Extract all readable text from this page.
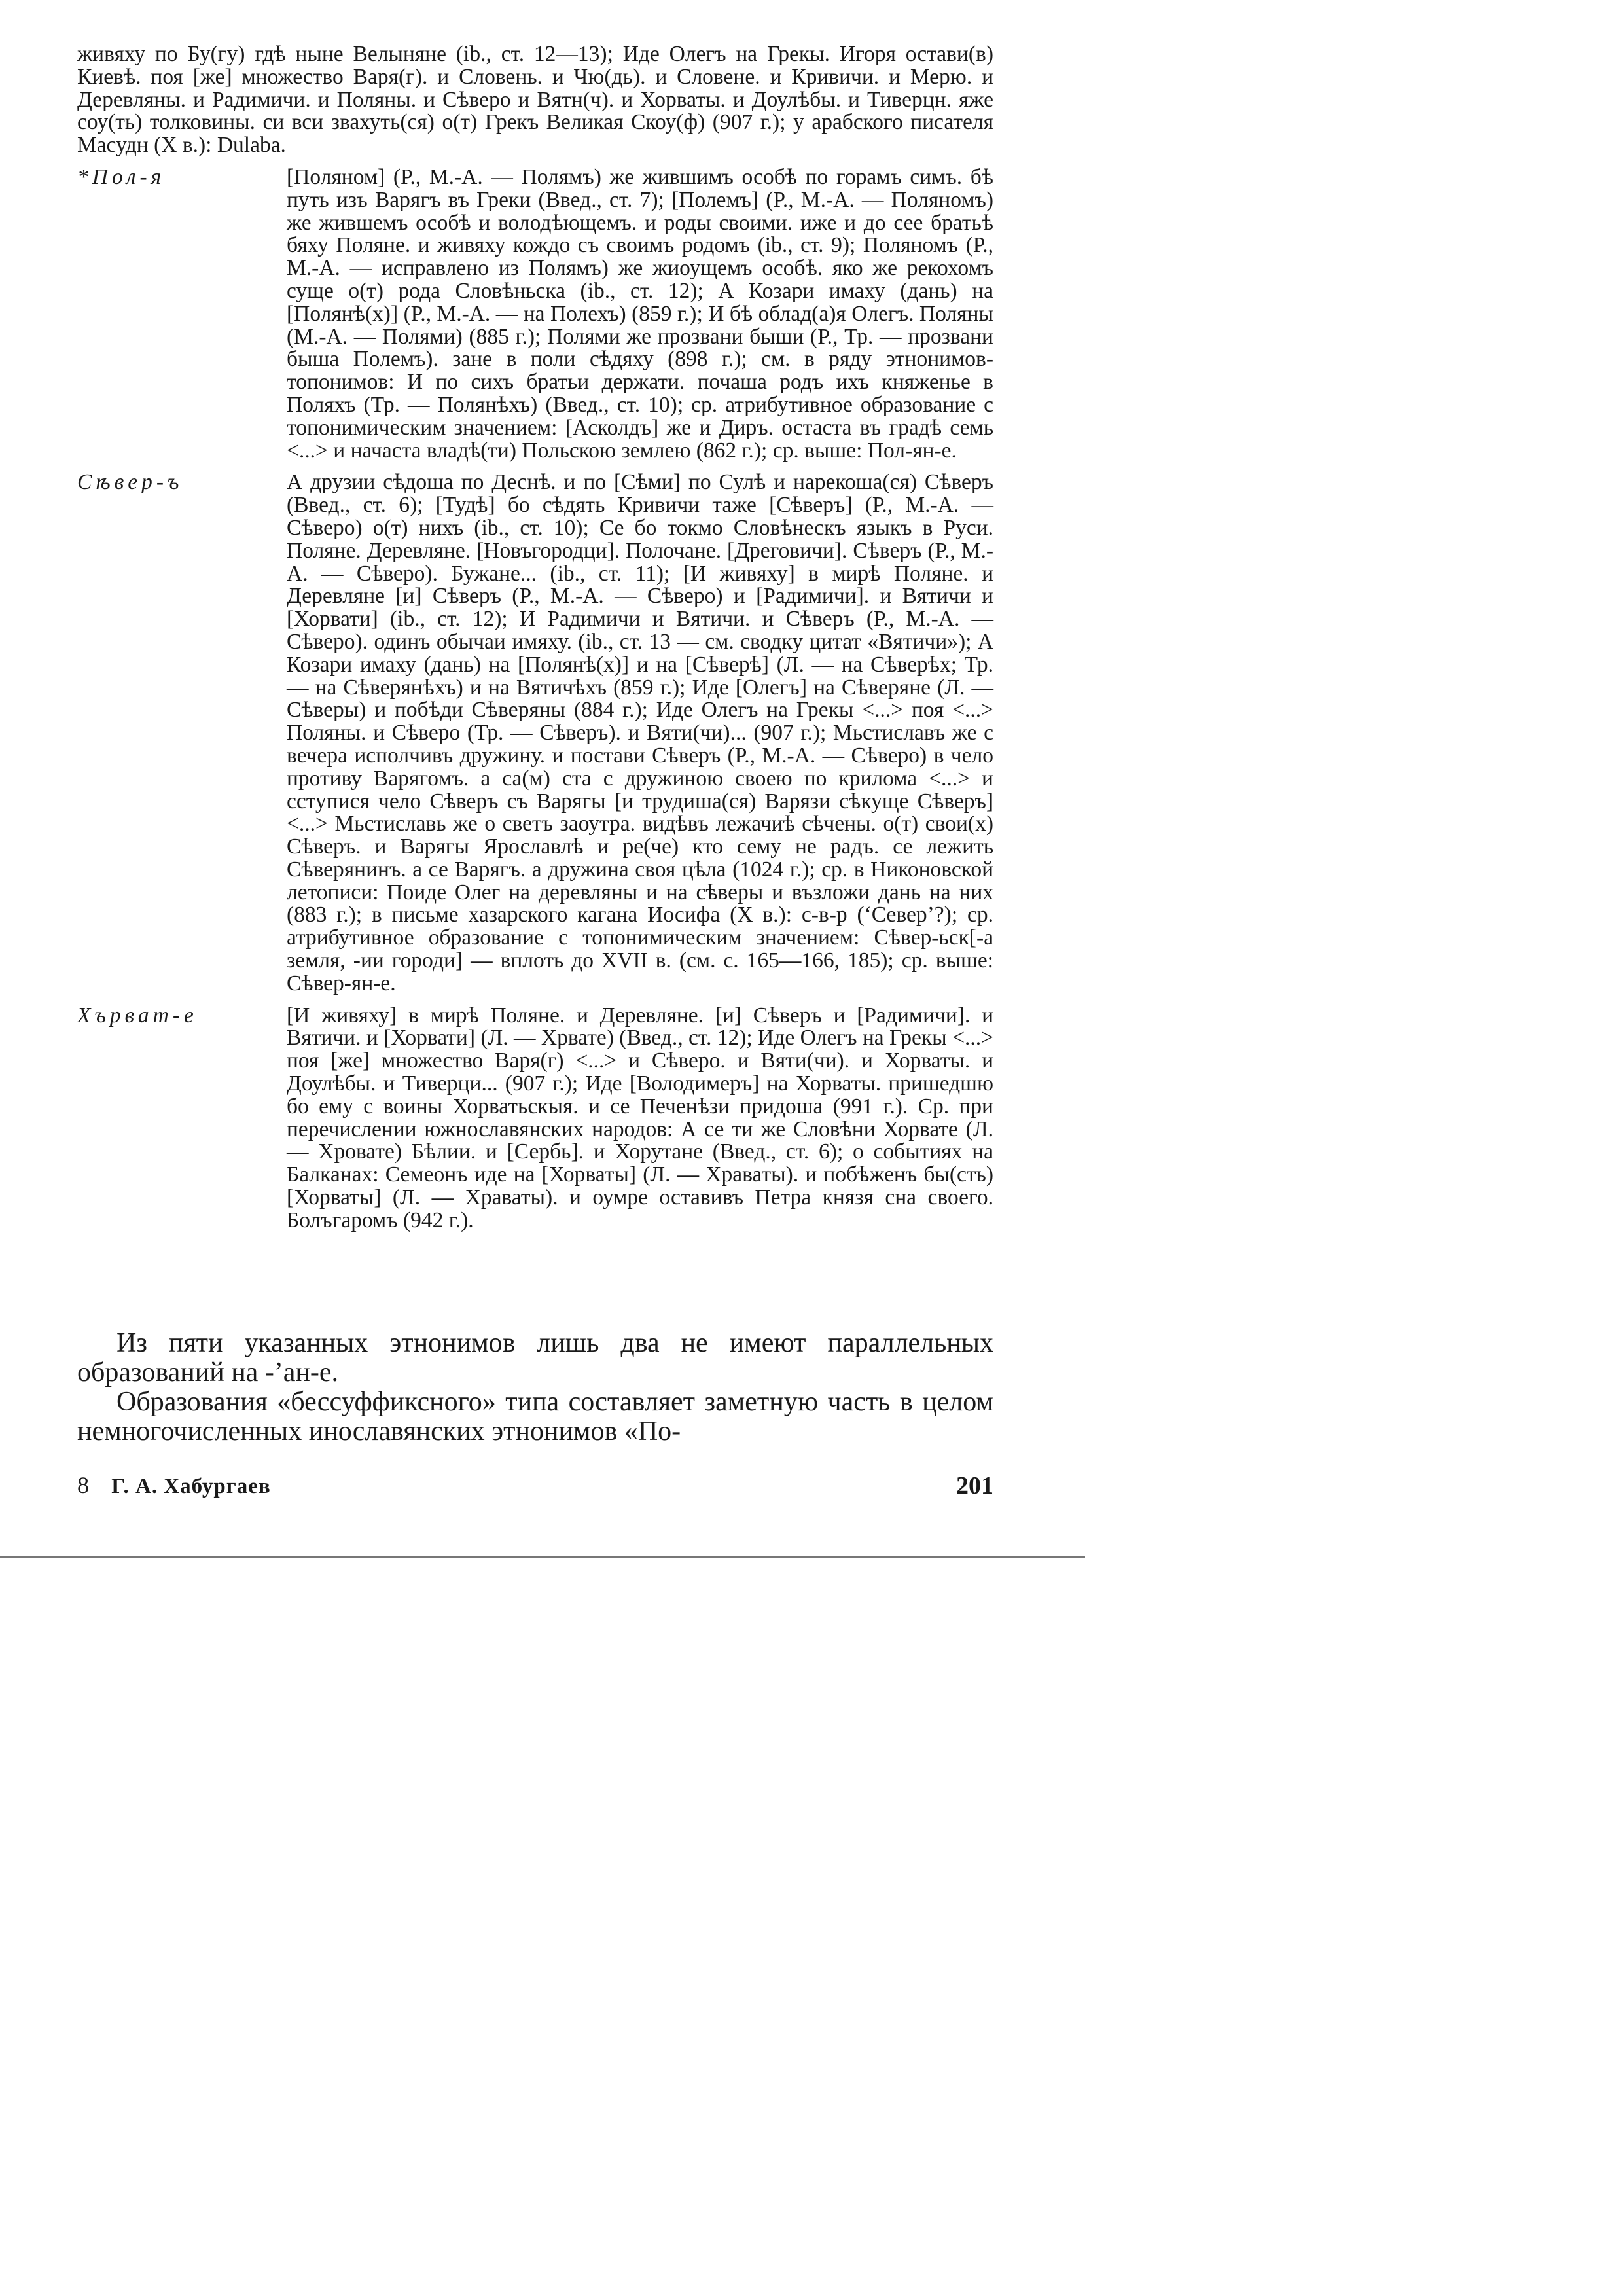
живяху по Бу(гу) гдѣ ныне Велыняне (ib., ст. 12—13); Иде Олегъ на Грекы. Игоря остави(в) Киевѣ. поя [же] множество Варя(г). и Словень. и Чю(дь). и Словене. и Кривичи. и Мерю. и Деревляны. и Радимичи. и Поляны. и Сѣверо и Вятн(ч). и Хорваты. и Доулѣбы. и Тиверцн. яже соу(ть) толковины. си вси звахуть(ся) о(т) Грекъ Великая Скоу(ф) (907 г.); у арабского писателя Масудн (X в.): Dulaba.

*Пол-я	[Поляном] (Р., М.-А. — Полямъ) же жившимъ особѣ по горамъ симъ. бѣ путь изъ Варягъ въ Греки (Введ., ст. 7); [Полемъ] (Р., М.-А. — Поляномъ) же жившемъ особѣ и володѣющемъ. и роды своими. иже и до сее братьѣ бяху Поляне. и живяху кождо съ своимъ родомъ (ib., ст. 9); Поляномъ (Р., М.-А. — исправлено из Полямъ) же жиоущемъ особѣ. яко же рекохомъ суще о(т) рода Словѣньска (ib., ст. 12); А Козари имаху (дань) на [Полянѣ(х)] (Р., М.-А. — на Полехъ) (859 г.); И бѣ облад(а)я Олегъ. Поляны (М.-А. — Полями) (885 г.); Полями же прозвани быши (Р., Тр. — прозвани быша Полемъ). зане в поли сѣдяху (898 г.); см. в ряду этнонимов-топонимов: И по сихъ братьи держати. почаша родъ ихъ княженье в Поляхъ (Тр. — Полянѣхъ) (Введ., ст. 10); ср. атрибутивное образование с топонимическим значением: [Асколдъ] же и Диръ. остаста въ градѣ семь <...> и начаста владѣ(ти) Польскою землею (862 г.); ср. выше: Пол-ян-е.
Сѣвер-ъ	А друзии сѣдоша по Деснѣ. и по [Сѣми] по Сулѣ и нарекоша(ся) Сѣверъ (Введ., ст. 6); [Тудѣ] бо сѣдять Кривичи таже [Сѣверъ] (Р., М.-А. — Сѣверо) о(т) нихъ (ib., ст. 10); Се бо токмо Словѣнескъ языкъ в Руси. Поляне. Деревляне. [Новъгородци]. Полочане. [Дреговичи]. Сѣверъ (Р., М.-А. — Сѣверо). Бужане... (ib., ст. 11); [И живяху] в мирѣ Поляне. и Деревляне [и] Сѣверъ (Р., М.-А. — Сѣверо) и [Радимичи]. и Вятичи и [Хорвати] (ib., ст. 12); И Радимичи и Вятичи. и Сѣверъ (Р., М.-А. — Сѣверо). одинъ обычаи имяху. (ib., ст. 13 — см. сводку цитат «Вятичи»); А Козари имаху (дань) на [Полянѣ(х)] и на [Сѣверѣ] (Л. — на Сѣверѣх; Тр. — на Сѣверянѣхъ) и на Вятичѣхъ (859 г.); Иде [Олегъ] на Сѣверяне (Л. — Сѣверы) и побѣди Сѣверяны (884 г.); Иде Олегъ на Грекы <...> поя <...> Поляны. и Сѣверо (Тр. — Сѣверъ). и Вяти(чи)... (907 г.); Мьстиславъ же с вечера исполчивъ дружину. и постави Сѣверъ (Р., М.-А. — Сѣверо) в чело противу Варягомъ. а са(м) ста с дружиною своею по крилома <...> и сступися чело Сѣверъ съ Варягы [и трудиша(ся) Варязи сѣкуще Сѣверъ] <...> Мьстиславь же о светъ заоутра. видѣвъ лежачиѣ сѣчены. о(т) свои(х) Сѣверъ. и Варягы Ярославлѣ и ре(че) кто сему не радъ. се лежить Сѣверянинъ. а се Варягъ. а дружина своя цѣла (1024 г.); ср. в Никоновской летописи: Поиде Олег на деревляны и на сѣверы и възложи дань на них (883 г.); в письме хазарского кагана Иосифа (X в.): с-в-р (‘Север’?); ср. атрибутивное образование с топонимическим значением: Сѣвер-ьск[-а земля, -ии городи] — вплоть до XVII в. (см. с. 165—166, 185); ср. выше: Сѣвер-ян-е.
Хърват-е	[И живяху] в мирѣ Поляне. и Деревляне. [и] Сѣверъ и [Радимичи]. и Вятичи. и [Хорвати] (Л. — Хрвате) (Введ., ст. 12); Иде Олегъ на Грекы <...> поя [же] множество Варя(г) <...> и Сѣверо. и Вяти(чи). и Хорваты. и Доулѣбы. и Тиверци... (907 г.); Иде [Володимеръ] на Хорваты. пришедшю бо ему с воины Хорватьскыя. и се Печенѣзи придоша (991 г.). Ср. при перечислении южнославянских народов: А се ти же Словѣни Хорвате (Л. — Хровате) Бѣлии. и [Сербь]. и Хорутане (Введ., ст. 6); о событиях на Балканах: Семеонъ иде на [Хорваты] (Л. — Храваты). и побѣженъ бы(сть) [Хорваты] (Л. — Храваты). и оумре оставивъ Петра князя сна своего. Болъгаромъ (942 г.).

Из пяти указанных этнонимов лишь два не имеют параллельных образований на -’ан-е.

Образования «бессуффиксного» типа составляет заметную часть в целом немногочисленных инославянских этнонимов «По-

8 Г. А. Хабургаев	201
